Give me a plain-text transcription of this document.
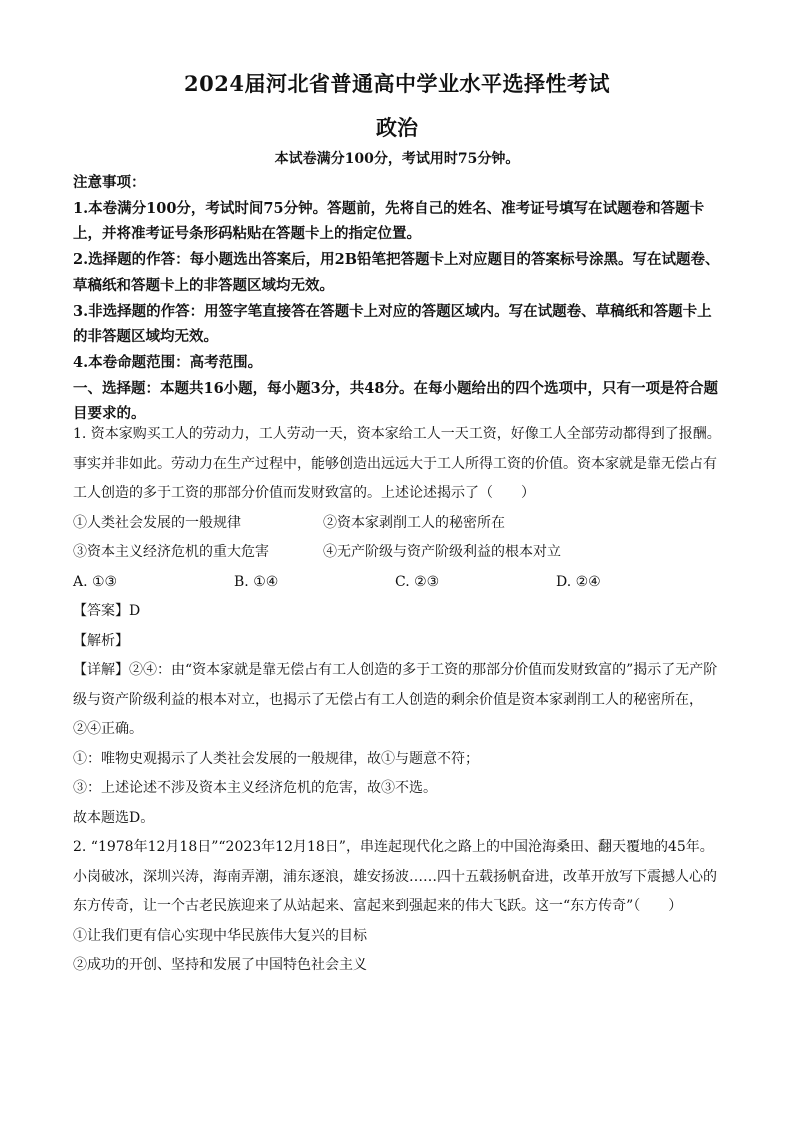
2024届河北省普通高中学业水平选择性考试
政治
本试卷满分100分，考试用时75分钟。

注意事项：

1.本卷满分100分，考试时间75分钟。答题前，先将自己的姓名、准考证号填写在试题卷和答题卡上，并将准考证号条形码粘贴在答题卡上的指定位置。

2.选择题的作答：每小题选出答案后，用2B铅笔把答题卡上对应题目的答案标号涂黑。写在试题卷、草稿纸和答题卡上的非答题区域均无效。

3.非选择题的作答：用签字笔直接答在答题卡上对应的答题区域内。写在试题卷、草稿纸和答题卡上的非答题区域均无效。

4.本卷命题范围：高考范围。

一、选择题：本题共16小题，每小题3分，共48分。在每小题给出的四个选项中，只有一项是符合题目要求的。

1. 资本家购买工人的劳动力，工人劳动一天，资本家给工人一天工资，好像工人全部劳动都得到了报酬。事实并非如此。劳动力在生产过程中，能够创造出远远大于工人所得工资的价值。资本家就是靠无偿占有工人创造的多于工资的那部分价值而发财致富的。上述论述揭示了（　　）

①人类社会发展的一般规律	②资本家剥削工人的秘密所在
③资本主义经济危机的重大危害	④无产阶级与资产阶级利益的根本对立
A. ①③	B. ①④	C. ②③	D. ②④

【答案】D

【解析】

【详解】②④：由“资本家就是靠无偿占有工人创造的多于工资的那部分价值而发财致富的”揭示了无产阶级与资产阶级利益的根本对立，也揭示了无偿占有工人创造的剩余价值是资本家剥削工人的秘密所在，②④正确。

①：唯物史观揭示了人类社会发展的一般规律，故①与题意不符；

③：上述论述不涉及资本主义经济危机的危害，故③不选。

故本题选D。

2. “1978年12月18日”“2023年12月18日”，串连起现代化之路上的中国沧海桑田、翻天覆地的45年。小岗破冰，深圳兴涛，海南弄潮，浦东逐浪，雄安扬波……四十五载扬帆奋进，改革开放写下震撼人心的东方传奇，让一个古老民族迎来了从站起来、富起来到强起来的伟大飞跃。这一“东方传奇”（　　）

①让我们更有信心实现中华民族伟大复兴的目标

②成功的开创、坚持和发展了中国特色社会主义
